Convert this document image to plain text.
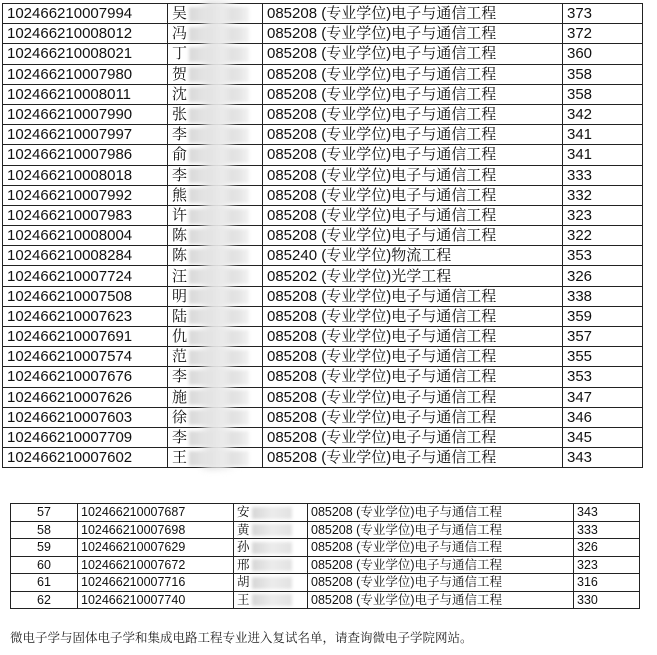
102466210007994	吴	085208 (专业学位)电子与通信工程	373
102466210008012	冯	085208 (专业学位)电子与通信工程	372
102466210008021	丁	085208 (专业学位)电子与通信工程	360
102466210007980	贺	085208 (专业学位)电子与通信工程	358
102466210008011	沈	085208 (专业学位)电子与通信工程	358
102466210007990	张	085208 (专业学位)电子与通信工程	342
102466210007997	李	085208 (专业学位)电子与通信工程	341
102466210007986	俞	085208 (专业学位)电子与通信工程	341
102466210008018	李	085208 (专业学位)电子与通信工程	333
102466210007992	熊	085208 (专业学位)电子与通信工程	332
102466210007983	许	085208 (专业学位)电子与通信工程	323
102466210008004	陈	085208 (专业学位)电子与通信工程	322
102466210008284	陈	085240 (专业学位)物流工程	353
102466210007724	汪	085202 (专业学位)光学工程	326
102466210007508	明	085208 (专业学位)电子与通信工程	338
102466210007623	陆	085208 (专业学位)电子与通信工程	359
102466210007691	仇	085208 (专业学位)电子与通信工程	357
102466210007574	范	085208 (专业学位)电子与通信工程	355
102466210007676	李	085208 (专业学位)电子与通信工程	353
102466210007626	施	085208 (专业学位)电子与通信工程	347
102466210007603	徐	085208 (专业学位)电子与通信工程	346
102466210007709	李	085208 (专业学位)电子与通信工程	345
102466210007602	王	085208 (专业学位)电子与通信工程	343
57	102466210007687	安	085208 (专业学位)电子与通信工程	343
58	102466210007698	黄	085208 (专业学位)电子与通信工程	333
59	102466210007629	孙	085208 (专业学位)电子与通信工程	326
60	102466210007672	邢	085208 (专业学位)电子与通信工程	323
61	102466210007716	胡	085208 (专业学位)电子与通信工程	316
62	102466210007740	王	085208 (专业学位)电子与通信工程	330
微电子学与固体电子学和集成电路工程专业进入复试名单，请查询微电子学院网站。
